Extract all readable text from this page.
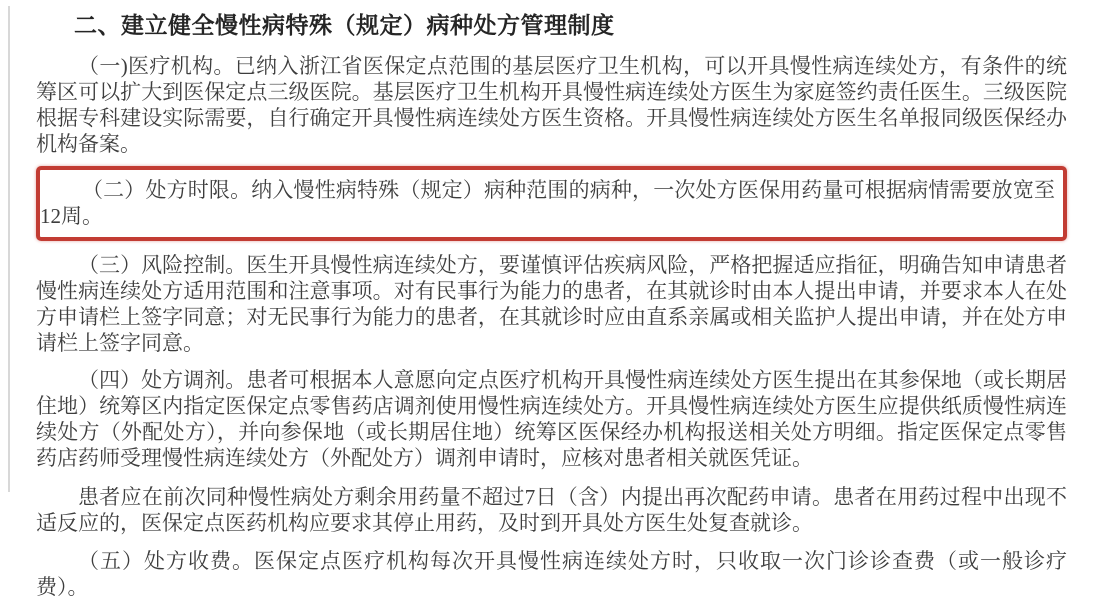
二、建立健全慢性病特殊（规定）病种处方管理制度

（一)医疗机构。已纳入浙江省医保定点范围的基层医疗卫生机构，可以开具慢性病连续处方，有条件的统筹区可以扩大到医保定点三级医院。基层医疗卫生机构开具慢性病连续处方医生为家庭签约责任医生。三级医院根据专科建设实际需要，自行确定开具慢性病连续处方医生资格。开具慢性病连续处方医生名单报同级医保经办机构备案。

（二）处方时限。纳入慢性病特殊（规定）病种范围的病种，一次处方医保用药量可根据病情需要放宽至12周。

（三）风险控制。医生开具慢性病连续处方，要谨慎评估疾病风险，严格把握适应指征，明确告知申请患者慢性病连续处方适用范围和注意事项。对有民事行为能力的患者，在其就诊时由本人提出申请，并要求本人在处方申请栏上签字同意；对无民事行为能力的患者，在其就诊时应由直系亲属或相关监护人提出申请，并在处方申请栏上签字同意。

（四）处方调剂。患者可根据本人意愿向定点医疗机构开具慢性病连续处方医生提出在其参保地（或长期居住地）统筹区内指定医保定点零售药店调剂使用慢性病连续处方。开具慢性病连续处方医生应提供纸质慢性病连续处方（外配处方），并向参保地（或长期居住地）统筹区医保经办机构报送相关处方明细。指定医保定点零售药店药师受理慢性病连续处方（外配处方）调剂申请时，应核对患者相关就医凭证。

患者应在前次同种慢性病处方剩余用药量不超过7日（含）内提出再次配药申请。患者在用药过程中出现不适反应的，医保定点医药机构应要求其停止用药，及时到开具处方医生处复查就诊。

（五）处方收费。医保定点医疗机构每次开具慢性病连续处方时，只收取一次门诊诊查费（或一般诊疗费）。
